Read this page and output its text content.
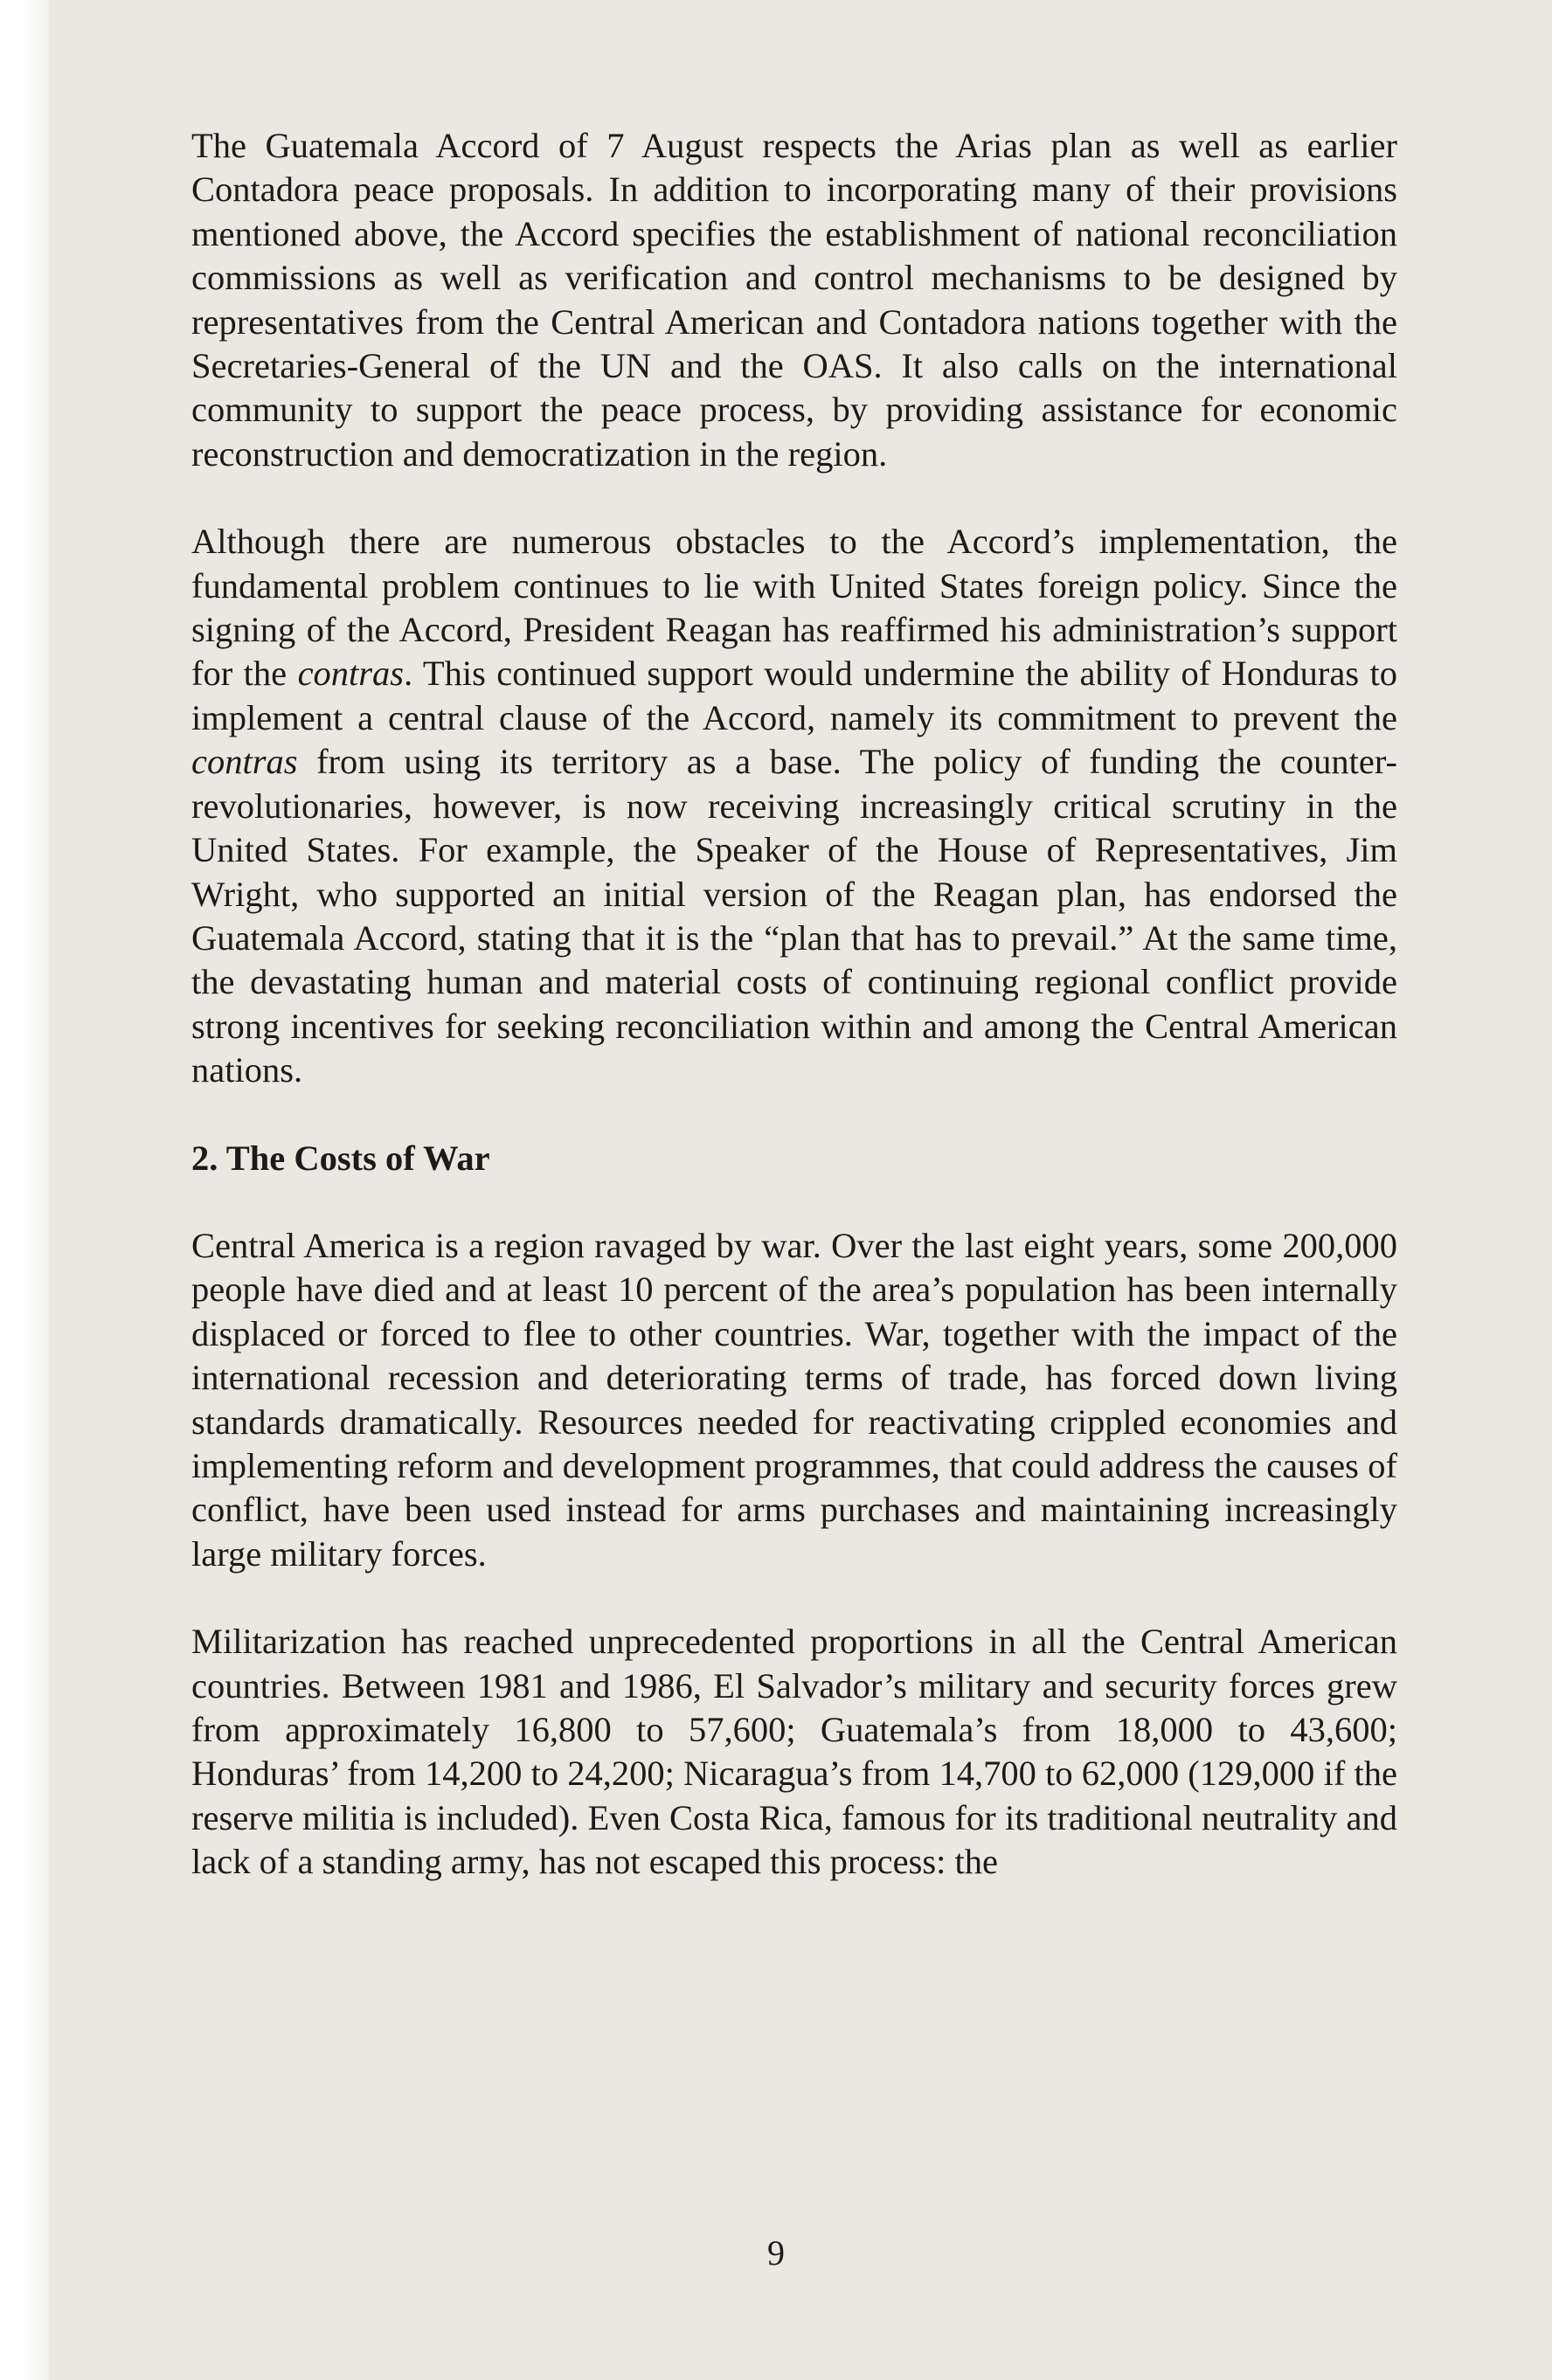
The Guatemala Accord of 7 August respects the Arias plan as well as earlier Contadora peace proposals. In addition to incorporating many of their provisions mentioned above, the Accord specifies the establishment of national reconciliation commissions as well as verification and control mechanisms to be designed by representatives from the Central American and Contadora nations together with the Secretaries-General of the UN and the OAS. It also calls on the international community to support the peace process, by providing assistance for economic reconstruction and democratization in the region.

Although there are numerous obstacles to the Accord’s implementation, the fundamental problem continues to lie with United States foreign policy. Since the signing of the Accord, President Reagan has reaffirmed his administration’s support for the contras. This continued support would undermine the ability of Honduras to implement a central clause of the Accord, namely its commitment to prevent the contras from using its territory as a base. The policy of funding the counter-revolutionaries, however, is now receiving increasingly critical scrutiny in the United States. For example, the Speaker of the House of Representatives, Jim Wright, who supported an initial version of the Reagan plan, has endorsed the Guatemala Accord, stating that it is the “plan that has to prevail.” At the same time, the devastating human and material costs of continuing regional conflict provide strong incentives for seeking reconciliation within and among the Central American nations.

2. The Costs of War

Central America is a region ravaged by war. Over the last eight years, some 200,000 people have died and at least 10 percent of the area’s population has been internally displaced or forced to flee to other countries. War, together with the impact of the international recession and deteriorating terms of trade, has forced down living standards dramatically. Resources needed for reactivating crippled economies and implementing reform and development programmes, that could address the causes of conflict, have been used instead for arms purchases and maintaining increasingly large military forces.

Militarization has reached unprecedented proportions in all the Central American countries. Between 1981 and 1986, El Salvador’s military and security forces grew from approximately 16,800 to 57,600; Guatemala’s from 18,000 to 43,600; Honduras’ from 14,200 to 24,200; Nicaragua’s from 14,700 to 62,000 (129,000 if the reserve militia is included). Even Costa Rica, famous for its traditional neutrality and lack of a standing army, has not escaped this process: the

9
